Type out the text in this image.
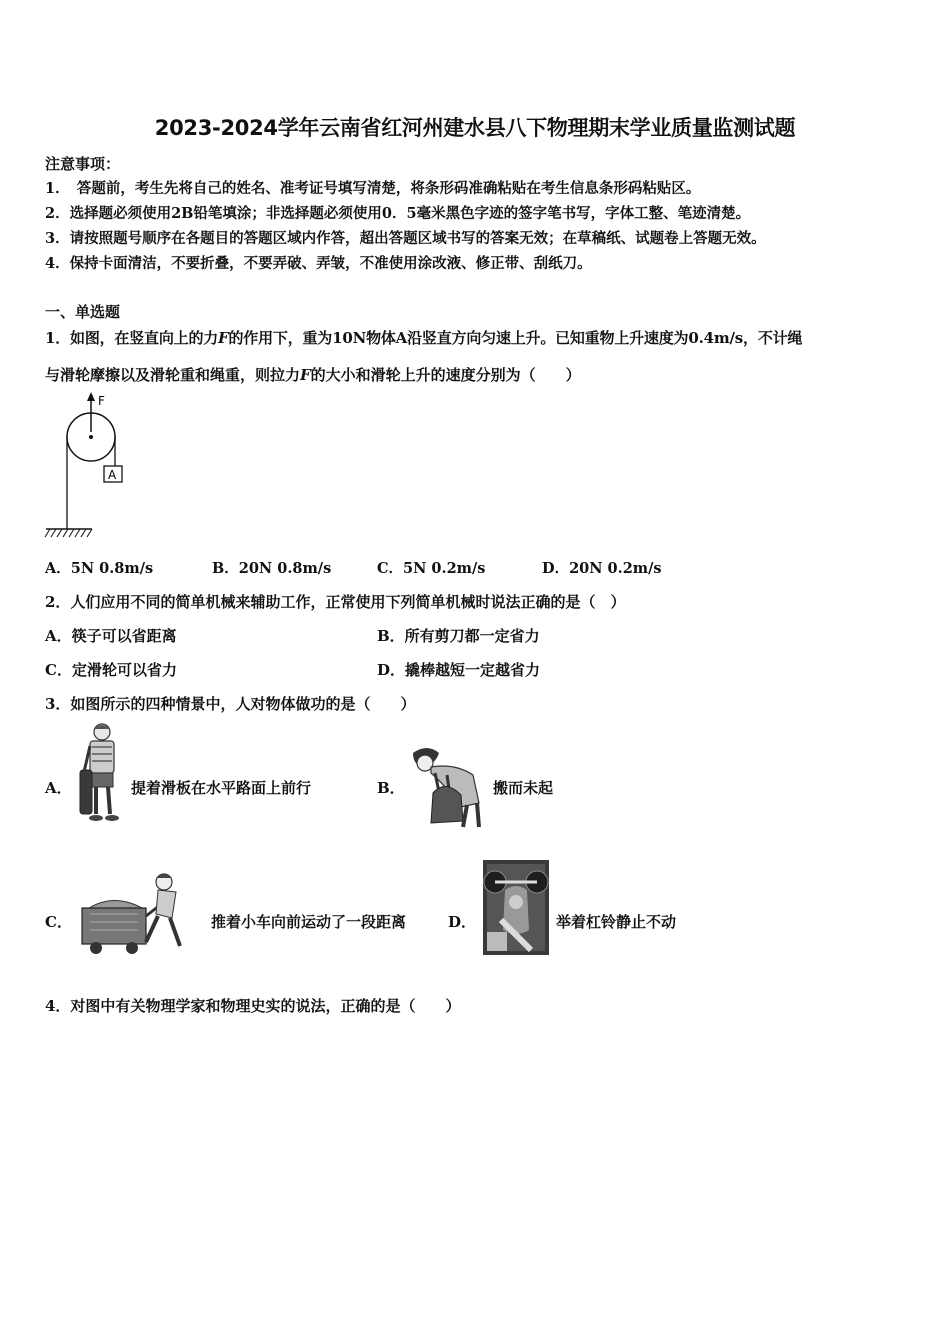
2023-2024学年云南省红河州建水县八下物理期末学业质量监测试题
注意事项：
1．　答题前，考生先将自己的姓名、准考证号填写清楚，将条形码准确粘贴在考生信息条形码粘贴区。
2．选择题必须使用2B铅笔填涂；非选择题必须使用0．5毫米黑色字迹的签字笔书写，字体工整、笔迹清楚。
3．请按照题号顺序在各题目的答题区域内作答，超出答题区域书写的答案无效；在草稿纸、试题卷上答题无效。
4．保持卡面清洁，不要折叠，不要弄破、弄皱，不准使用涂改液、修正带、刮纸刀。
一、单选题
1．如图，在竖直向上的力F的作用下，重为10N物体A沿竖直方向匀速上升。已知重物上升速度为0.4m/s，不计绳
与滑轮摩擦以及滑轮重和绳重，则拉力F的大小和滑轮上升的速度分别为（　　）
F
A
A．5N 0.8m/s	B．20N 0.8m/s	C．5N 0.2m/s	D．20N 0.2m/s
2．人们应用不同的简单机械来辅助工作，正常使用下列简单机械时说法正确的是（　）
A．筷子可以省距离	B．所有剪刀都一定省力
C．定滑轮可以省力	D．撬棒越短一定越省力
3．如图所示的四种情景中，人对物体做功的是（　　）
A．	提着滑板在水平路面上前行	B．	搬而未起
C．	推着小车向前运动了一段距离	D．	举着杠铃静止不动
4．对图中有关物理学家和物理史实的说法，正确的是（　　）
